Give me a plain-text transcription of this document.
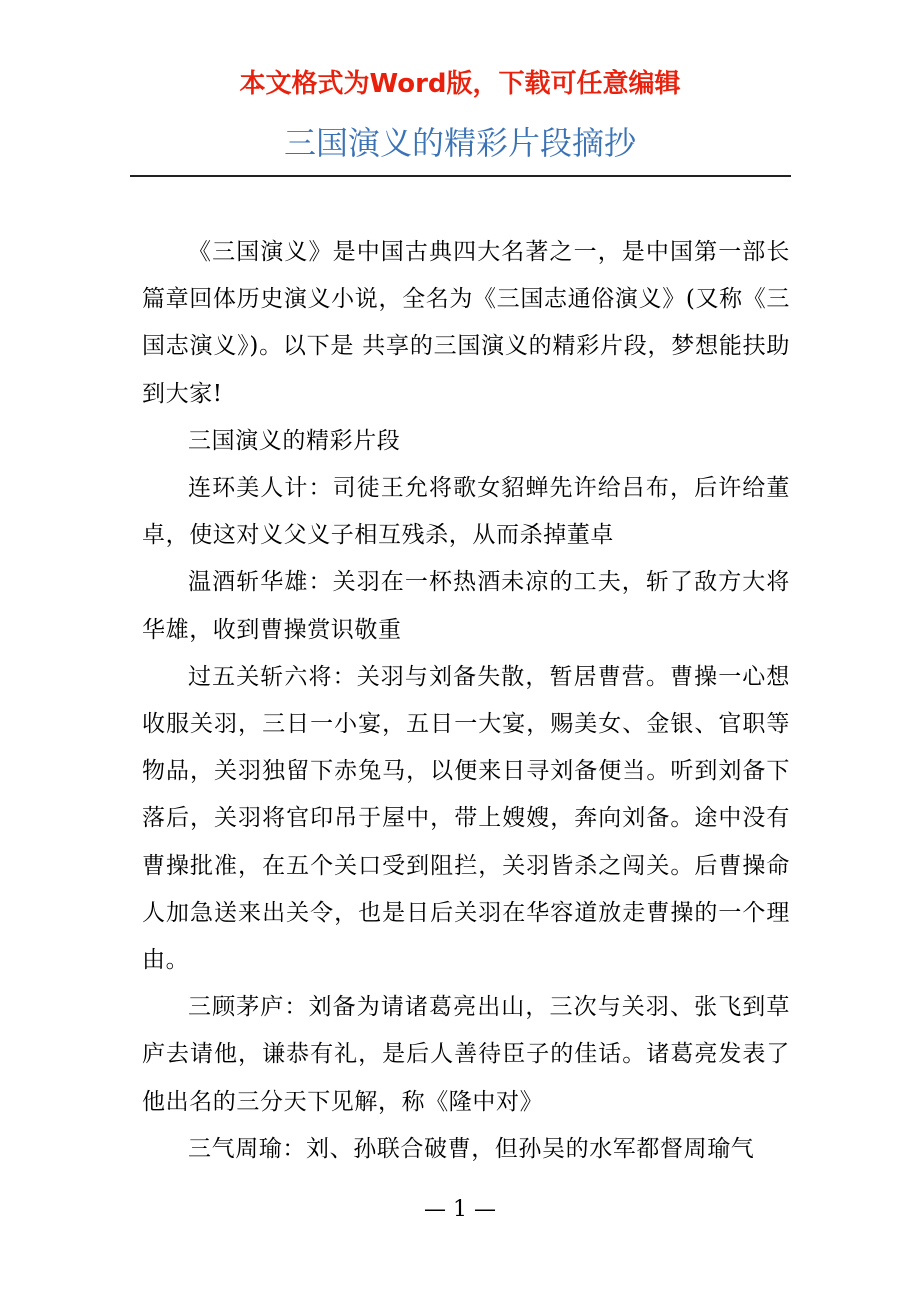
本文格式为Word版，下载可任意编辑
三国演义的精彩片段摘抄

《三国演义》是中国古典四大名著之一，是中国第一部长篇章回体历史演义小说，全名为《三国志通俗演义》(又称《三国志演义》)。以下是 共享的三国演义的精彩片段，梦想能扶助到大家!

三国演义的精彩片段

连环美人计：司徒王允将歌女貂蝉先许给吕布，后许给董卓，使这对义父义子相互残杀，从而杀掉董卓

温酒斩华雄：关羽在一杯热酒未凉的工夫，斩了敌方大将华雄，收到曹操赏识敬重

过五关斩六将：关羽与刘备失散，暂居曹营。曹操一心想收服关羽，三日一小宴，五日一大宴，赐美女、金银、官职等物品，关羽独留下赤兔马，以便来日寻刘备便当。听到刘备下落后，关羽将官印吊于屋中，带上嫂嫂，奔向刘备。途中没有曹操批准，在五个关口受到阻拦，关羽皆杀之闯关。后曹操命人加急送来出关令，也是日后关羽在华容道放走曹操的一个理由。

三顾茅庐：刘备为请诸葛亮出山，三次与关羽、张飞到草庐去请他，谦恭有礼，是后人善待臣子的佳话。诸葛亮发表了他出名的三分天下见解，称《隆中对》

三气周瑜：刘、孙联合破曹，但孙吴的水军都督周瑜气

— 1 —
